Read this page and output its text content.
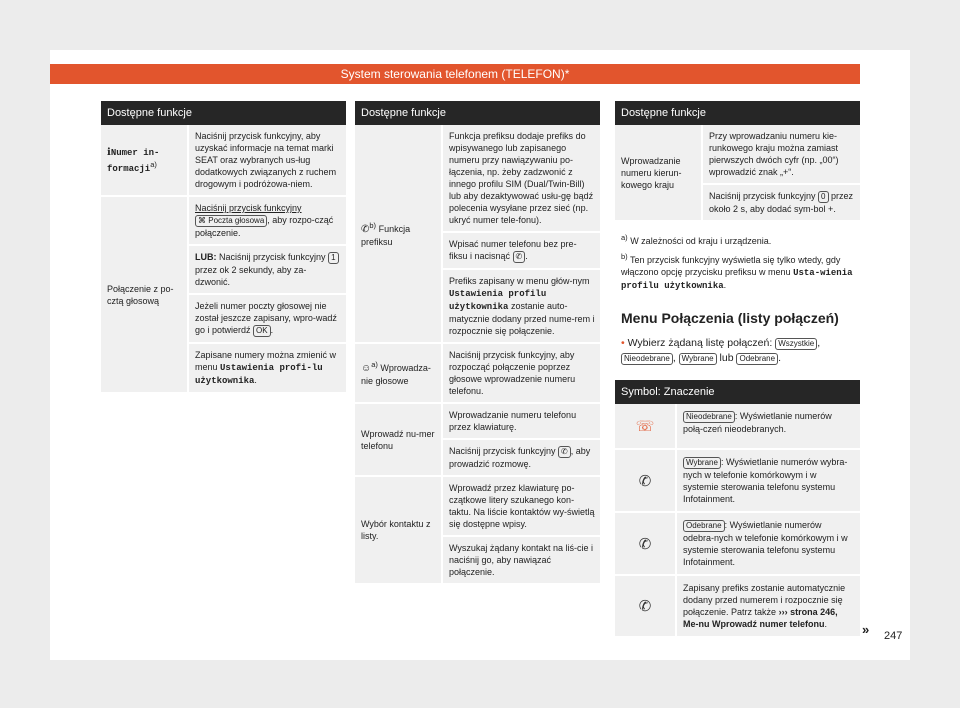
System sterowania telefonem (TELEFON)*
Dostępne funkcje
ℹNumer in-formacji$^{a)}$
Naciśnij przycisk funkcyjny, aby uzyskać informacje na temat marki SEAT oraz wybranych us-ług dodatkowych związanych z ruchem drogowym i podróżowa-niem.
Połączenie z po-cztą głosową
Naciśnij przycisk funkcyjny ⌘ Poczta głosowa , aby rozpo-cząć połączenie.
LUB: Naciśnij przycisk funkcyjny 1 przez ok 2 sekundy, aby za-dzwonić.
Jeżeli numer poczty głosowej nie został jeszcze zapisany, wpro-wadź go i potwierdź OK .
Zapisane numery można zmienić w menu Ustawienia profi-lu użytkownika.
Dostępne funkcje
✆$^{b)}$ Funkcja prefiksu
Funkcja prefiksu dodaje prefiks do wpisywanego lub zapisanego numeru przy nawiązywaniu po-łączenia, np. żeby zadzwonić z innego profilu SIM (Dual/Twin-Bill) lub aby dezaktywować usłu-gę bądź polecenia wysyłane przez sieć (np. ukryć numer tele-fonu).
Wpisać numer telefonu bez pre-fiksu i nacisnąć ✆ .
Prefiks zapisany w menu głów-nym Ustawienia profilu użytkownika zostanie auto-matycznie dodany przed nume-rem i rozpocznie się połączenie.
☺$^{a)}$ Wprowadza-nie głosowe
Naciśnij przycisk funkcyjny, aby rozpocząć połączenie poprzez głosowe wprowadzenie numeru telefonu.
Wprowadź nu-mer telefonu
Wprowadzanie numeru telefonu przez klawiaturę.
Naciśnij przycisk funkcyjny ✆ , aby prowadzić rozmowę.
Wybór kontaktu z listy.
Wprowadź przez klawiaturę po-czątkowe litery szukanego kon-taktu. Na liście kontaktów wy-świetlą się dostępne wpisy.
Wyszukaj żądany kontakt na liś-cie i naciśnij go, aby nawiązać połączenie.
Dostępne funkcje
Wprowadzanie numeru kierun-kowego kraju
Przy wprowadzaniu numeru kie-runkowego kraju można zamiast pierwszych dwóch cyfr (np. „00“) wprowadzić znak „+“.
Naciśnij przycisk funkcyjny 0 przez około 2 s, aby dodać sym-bol +.
$^{a)}$ W zależności od kraju i urządzenia.
$^{b)}$ Ten przycisk funkcyjny wyświetla się tylko wtedy, gdy włączono opcję przycisku prefiksu w menu Usta-wienia profilu użytkownika.
Menu Połączenia (listy połączeń)
• Wybierz żądaną listę połączeń: Wszystkie , Nieodebrane , Wybrane lub Odebrane .
Symbol: Znaczenie
☏
Nieodebrane : Wyświetlanie numerów połą-czeń nieodebranych.
✆
Wybrane : Wyświetlanie numerów wybra-nych w telefonie komórkowym i w systemie sterowania telefonu systemu Infotainment.
✆
Odebrane : Wyświetlanie numerów odebra-nych w telefonie komórkowym i w systemie sterowania telefonu systemu Infotainment.
✆
Zapisany prefiks zostanie automatycznie dodany przed numerem i rozpocznie się połączenie. Patrz także ››› strona 246, Me-nu Wprowadź numer telefonu.	» 247
